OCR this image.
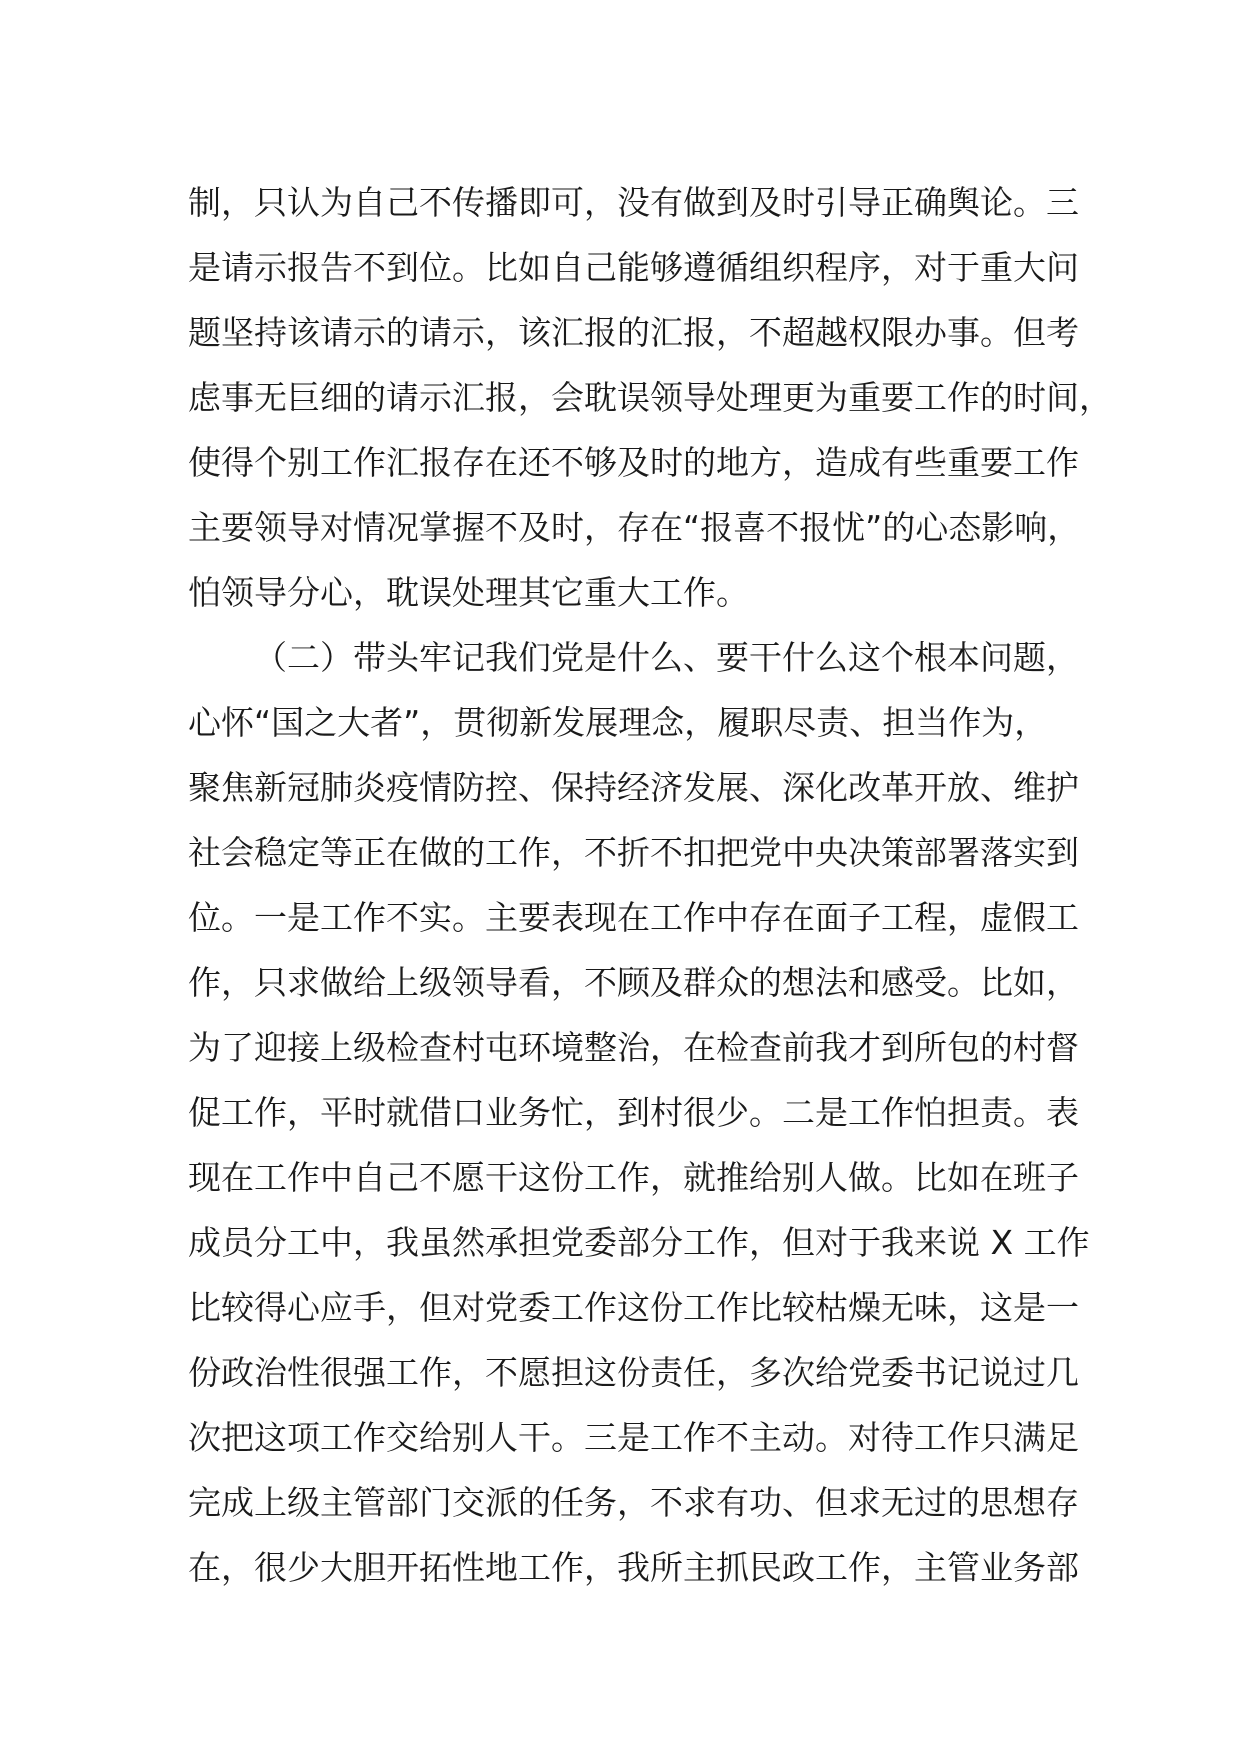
制，只认为自己不传播即可，没有做到及时引导正确舆论。三
是请示报告不到位。比如自己能够遵循组织程序，对于重大问
题坚持该请示的请示，该汇报的汇报，不超越权限办事。但考
虑事无巨细的请示汇报，会耽误领导处理更为重要工作的时间，
使得个别工作汇报存在还不够及时的地方，造成有些重要工作
主要领导对情况掌握不及时，存在“报喜不报忧”的心态影响，
怕领导分心，耽误处理其它重大工作。
（二）带头牢记我们党是什么、要干什么这个根本问题，
心怀“国之大者”，贯彻新发展理念，履职尽责、担当作为，
聚焦新冠肺炎疫情防控、保持经济发展、深化改革开放、维护
社会稳定等正在做的工作，不折不扣把党中央决策部署落实到
位。一是工作不实。主要表现在工作中存在面子工程，虚假工
作，只求做给上级领导看，不顾及群众的想法和感受。比如，
为了迎接上级检查村屯环境整治，在检查前我才到所包的村督
促工作，平时就借口业务忙，到村很少。二是工作怕担责。表
现在工作中自己不愿干这份工作，就推给别人做。比如在班子
成员分工中，我虽然承担党委部分工作，但对于我来说 X 工作
比较得心应手，但对党委工作这份工作比较枯燥无味，这是一
份政治性很强工作，不愿担这份责任，多次给党委书记说过几
次把这项工作交给别人干。三是工作不主动。对待工作只满足
完成上级主管部门交派的任务，不求有功、但求无过的思想存
在，很少大胆开拓性地工作，我所主抓民政工作，主管业务部
